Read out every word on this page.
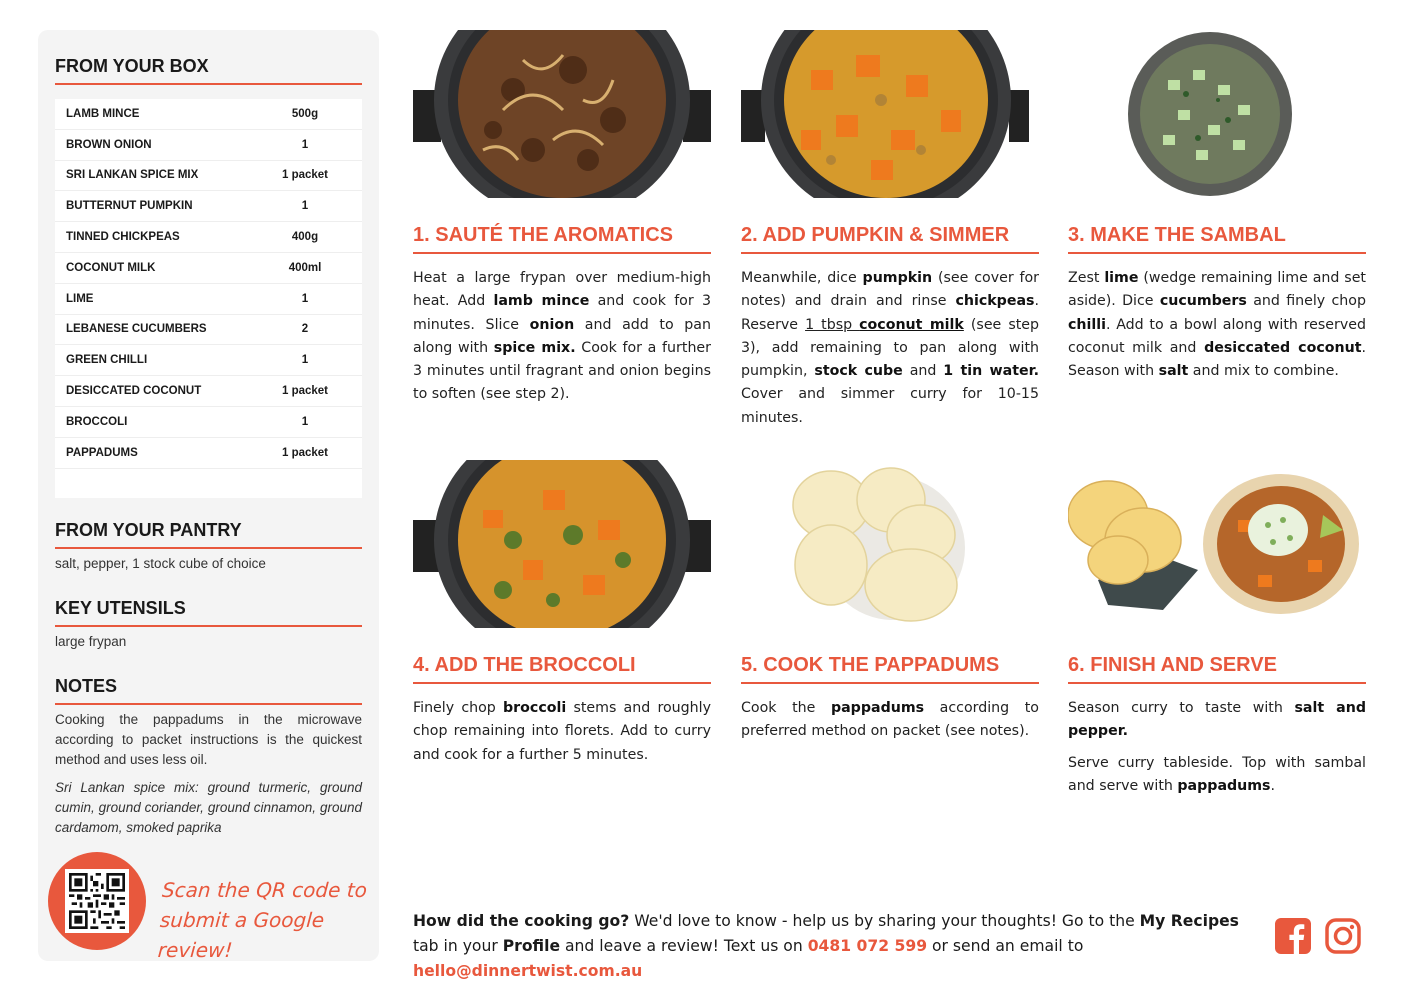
FROM YOUR BOX
LAMB MINCE	500g
BROWN ONION	1
SRI LANKAN SPICE MIX	1 packet
BUTTERNUT PUMPKIN	1
TINNED CHICKPEAS	400g
COCONUT MILK	400ml
LIME	1
LEBANESE CUCUMBERS	2
GREEN CHILLI	1
DESICCATED COCONUT	1 packet
BROCCOLI	1
PAPPADUMS	1 packet
FROM YOUR PANTRY
salt, pepper, 1 stock cube of choice
KEY UTENSILS
large frypan
NOTES
Cooking the pappadums in the microwave according to packet instructions is the quickest method and uses less oil.
Sri Lankan spice mix: ground turmeric, ground cumin, ground coriander, ground cinnamon, ground cardamom, smoked paprika
Scan the QR code to
submit a Google review!
1. SAUTÉ THE AROMATICS

Heat a large frypan over medium-high heat. Add lamb mince and cook for 3 minutes. Slice onion and add to pan along with spice mix. Cook for a further 3 minutes until fragrant and onion begins to soften (see step 2).

2. ADD PUMPKIN & SIMMER

Meanwhile, dice pumpkin (see cover for notes) and drain and rinse chickpeas. Reserve 1 tbsp coconut milk (see step 3), add remaining to pan along with pumpkin, stock cube and 1 tin water. Cover and simmer curry for 10-15 minutes.

3. MAKE THE SAMBAL

Zest lime (wedge remaining lime and set aside). Dice cucumbers and finely chop chilli. Add to a bowl along with reserved coconut milk and desiccated coconut. Season with salt and mix to combine.

4. ADD THE BROCCOLI

Finely chop broccoli stems and roughly chop remaining into florets. Add to curry and cook for a further 5 minutes.

5. COOK THE PAPPADUMS

Cook the pappadums according to preferred method on packet (see notes).

6. FINISH AND SERVE

Season curry to taste with salt and pepper.

Serve curry tableside. Top with sambal and serve with pappadums.

How did the cooking go? We'd love to know - help us by sharing your thoughts! Go to the My Recipes tab in your Profile and leave a review! Text us on 0481 072 599 or send an email to hello@dinnertwist.com.au
